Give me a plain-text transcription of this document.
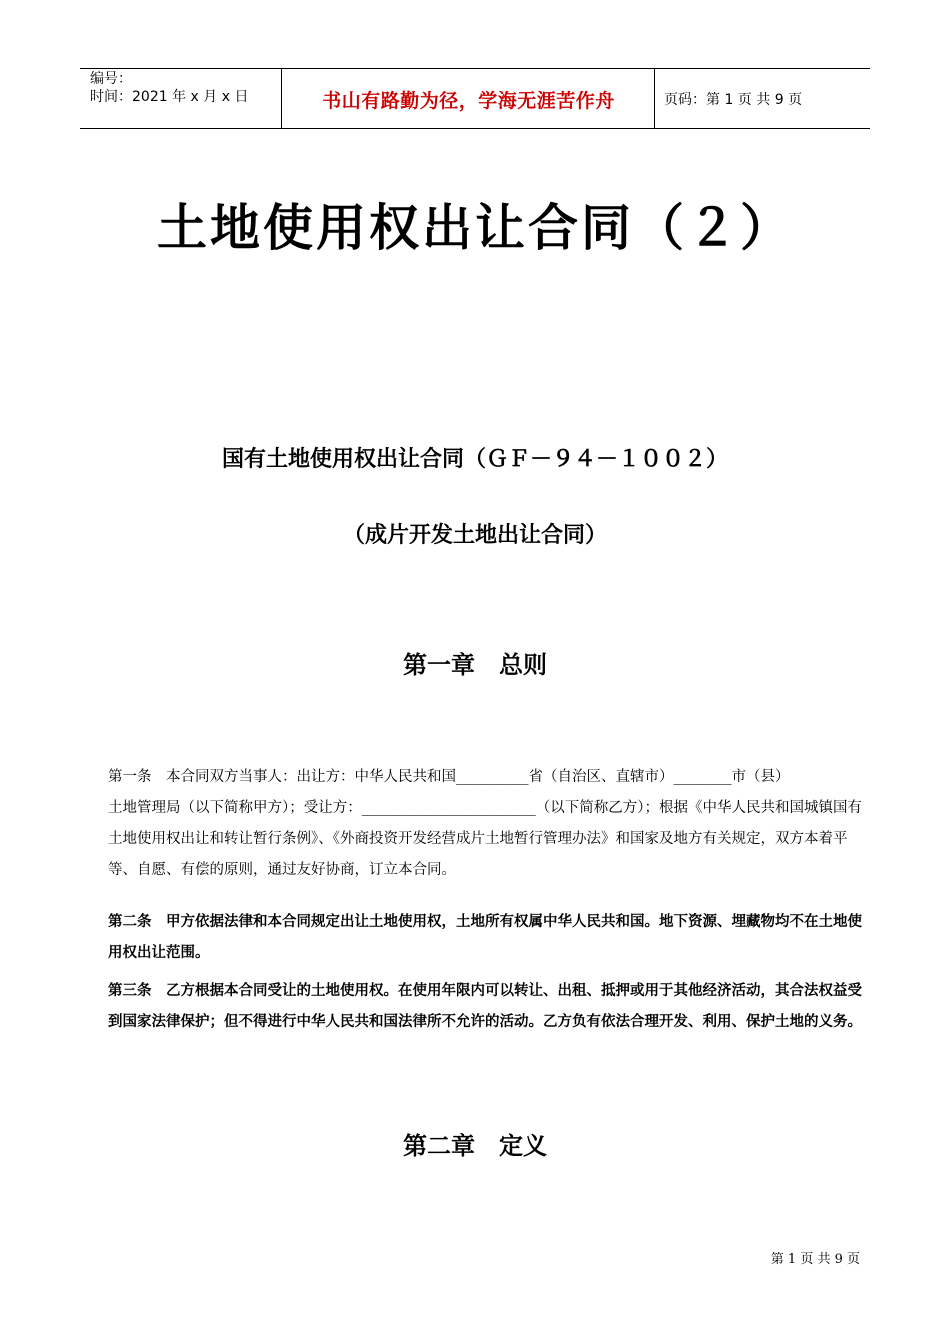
编号：
时间：2021 年 x 月 x 日	书山有路勤为径，学海无涯苦作舟	页码：第 1 页 共 9 页
土地使用权出让合同（２）
国有土地使用权出让合同（ＧＦ－９４－１００２）
（成片开发土地出让合同）
第一章　总则
第一条　本合同双方当事人：出让方：中华人民共和国__________省（自治区、直辖市）________市（县）
土地管理局（以下简称甲方）；受让方：________________________（以下简称乙方）；根据《中华人民共和国城镇国有土地使用权出让和转让暂行条例》、《外商投资开发经营成片土地暂行管理办法》和国家及地方有关规定，双方本着平等、自愿、有偿的原则，通过友好协商，订立本合同。
第二条　甲方依据法律和本合同规定出让土地使用权，土地所有权属中华人民共和国。地下资源、埋藏物均不在土地使用权出让范围。
第三条　乙方根据本合同受让的土地使用权。在使用年限内可以转让、出租、抵押或用于其他经济活动，其合法权益受到国家法律保护；但不得进行中华人民共和国法律所不允许的活动。乙方负有依法合理开发、利用、保护土地的义务。
第二章　定义
第 1 页 共 9 页
